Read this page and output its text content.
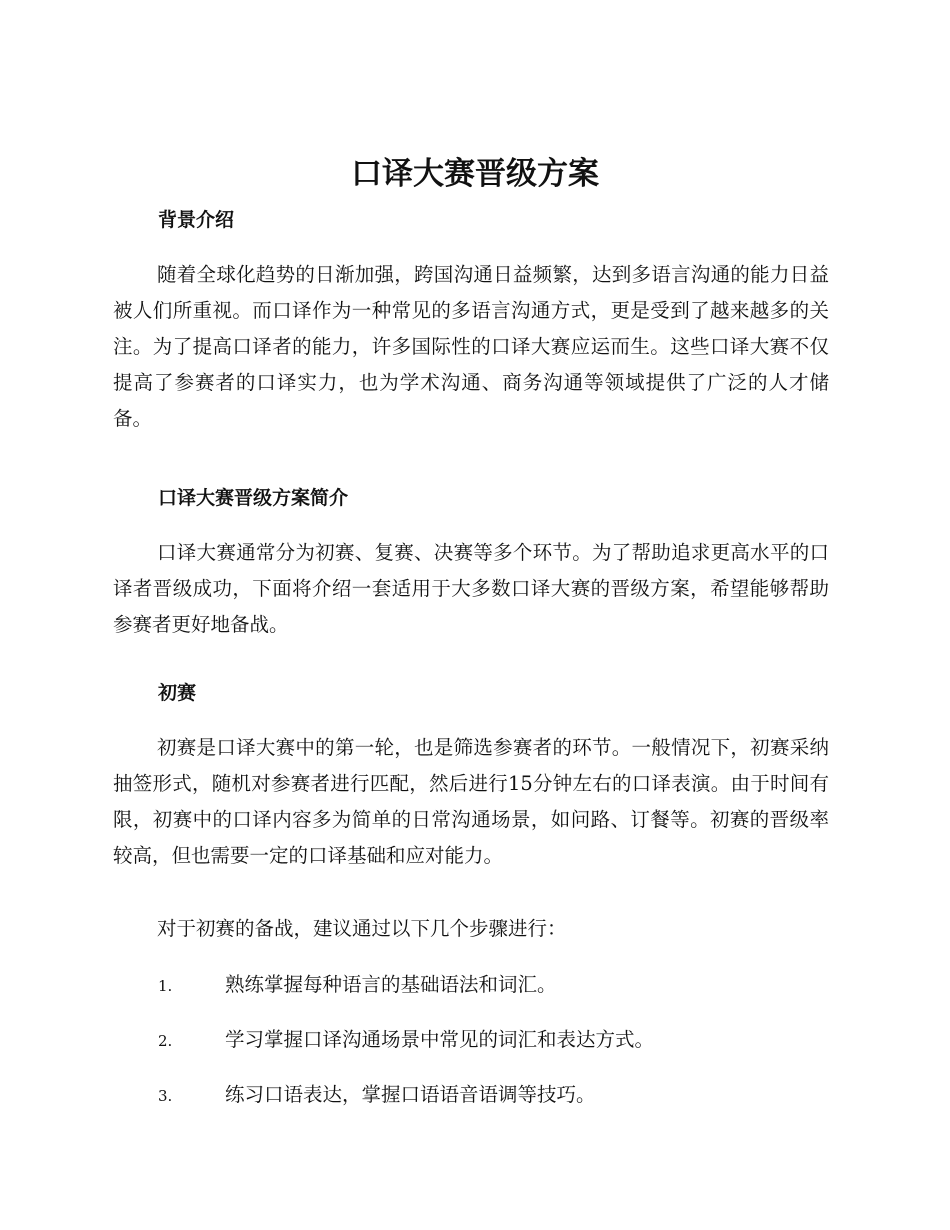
口译大赛晋级方案
背景介绍

随着全球化趋势的日渐加强，跨国沟通日益频繁，达到多语言沟通的能力日益被人们所重视。而口译作为一种常见的多语言沟通方式，更是受到了越来越多的关注。为了提高口译者的能力，许多国际性的口译大赛应运而生。这些口译大赛不仅提高了参赛者的口译实力，也为学术沟通、商务沟通等领域提供了广泛的人才储备。

口译大赛晋级方案简介

口译大赛通常分为初赛、复赛、决赛等多个环节。为了帮助追求更高水平的口译者晋级成功，下面将介绍一套适用于大多数口译大赛的晋级方案，希望能够帮助参赛者更好地备战。

初赛

初赛是口译大赛中的第一轮，也是筛选参赛者的环节。一般情况下，初赛采纳抽签形式，随机对参赛者进行匹配，然后进行15分钟左右的口译表演。由于时间有限，初赛中的口译内容多为简单的日常沟通场景，如问路、订餐等。初赛的晋级率较高，但也需要一定的口译基础和应对能力。

对于初赛的备战，建议通过以下几个步骤进行：

1.	熟练掌握每种语言的基础语法和词汇。
2.	学习掌握口译沟通场景中常见的词汇和表达方式。
3.	练习口语表达，掌握口语语音语调等技巧。
